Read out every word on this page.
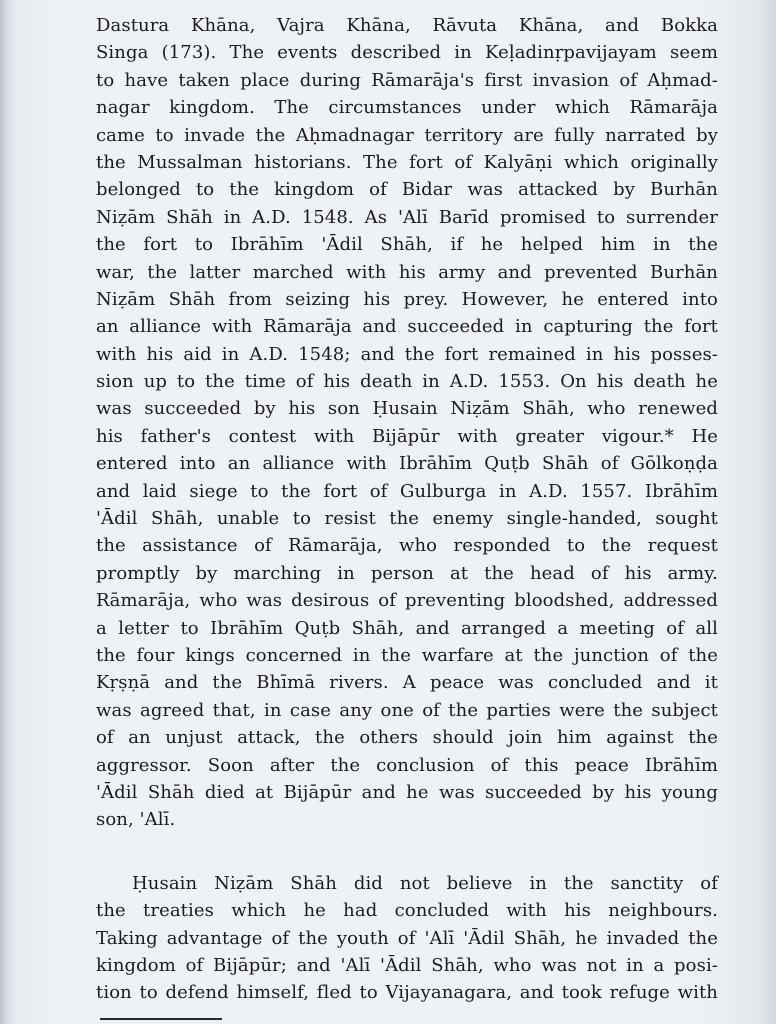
Dastura Khāna, Vajra Khāna, Rāvuta Khāna, and Bokka
Singa (173). The events described in Keḷadinṛpavijayam seem
to have taken place during Rāmarāja's first invasion of Aḥmad-
nagar kingdom. The circumstances under which Rāmarāja
came to invade the Aḥmadnagar territory are fully narrated by
the Mussalman historians. The fort of Kalyāṇi which originally
belonged to the kingdom of Bidar was attacked by Burhān
Niẓām Shāh in A.D. 1548. As 'Alī Barīd promised to surrender
the fort to Ibrāhīm 'Ādil Shāh, if he helped him in the
war, the latter marched with his army and prevented Burhān
Niẓām Shāh from seizing his prey. However, he entered into
an alliance with Rāmarāja and succeeded in capturing the fort
with his aid in A.D. 1548; and the fort remained in his posses-
sion up to the time of his death in A.D. 1553. On his death he
was succeeded by his son Ḥusain Niẓām Shāh, who renewed
his father's contest with Bijāpūr with greater vigour.* He
entered into an alliance with Ibrāhīm Quṭb Shāh of Gōlkoṇḍa
and laid siege to the fort of Gulburga in A.D. 1557. Ibrāhīm
'Ādil Shāh, unable to resist the enemy single-handed, sought
the assistance of Rāmarāja, who responded to the request
promptly by marching in person at the head of his army.
Rāmarāja, who was desirous of preventing bloodshed, addressed
a letter to Ibrāhīm Quṭb Shāh, and arranged a meeting of all
the four kings concerned in the warfare at the junction of the
Kṛṣṇā and the Bhīmā rivers. A peace was concluded and it
was agreed that, in case any one of the parties were the subject
of an unjust attack, the others should join him against the
aggressor. Soon after the conclusion of this peace Ibrāhīm
'Ādil Shāh died at Bijāpūr and he was succeeded by his young
son, 'Alī.
Ḥusain Niẓām Shāh did not believe in the sanctity of
the treaties which he had concluded with his neighbours.
Taking advantage of the youth of 'Alī 'Ādil Shāh, he invaded the
kingdom of Bijāpūr; and 'Alī 'Ādil Shāh, who was not in a posi-
tion to defend himself, fled to Vijayanagara, and took refuge with
